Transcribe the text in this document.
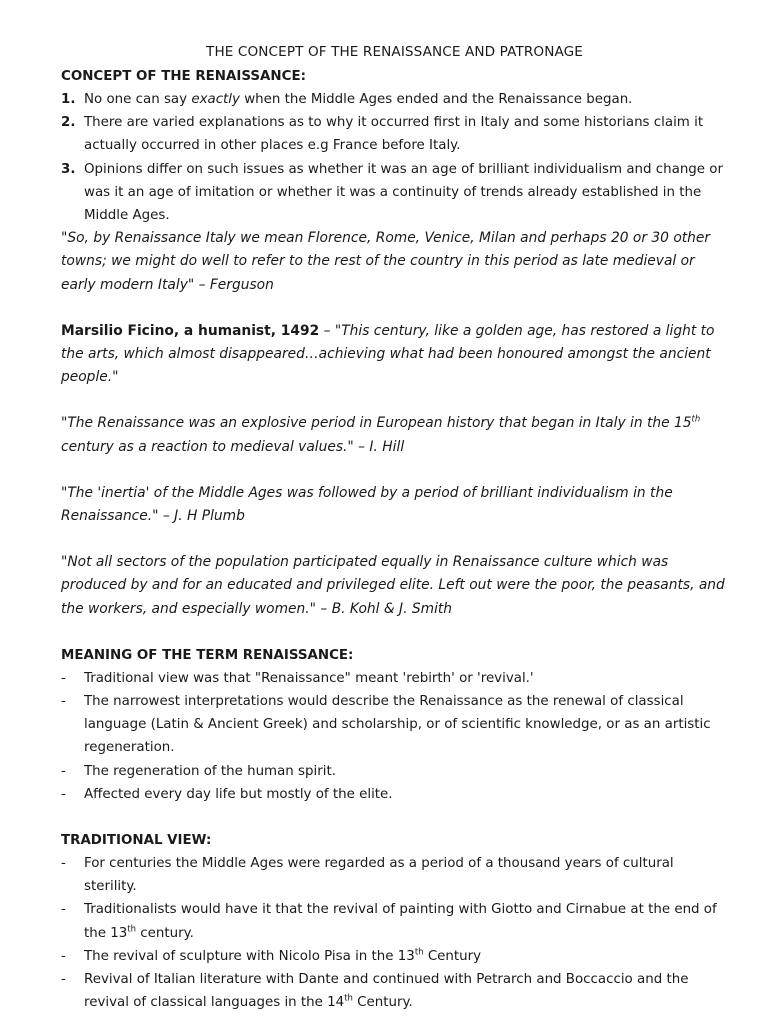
THE CONCEPT OF THE RENAISSANCE AND PATRONAGE
CONCEPT OF THE RENAISSANCE:
1. No one can say exactly when the Middle Ages ended and the Renaissance began.
2. There are varied explanations as to why it occurred first in Italy and some historians claim it actually occurred in other places e.g France before Italy.
3. Opinions differ on such issues as whether it was an age of brilliant individualism and change or was it an age of imitation or whether it was a continuity of trends already established in the Middle Ages.

"So, by Renaissance Italy we mean Florence, Rome, Venice, Milan and perhaps 20 or 30 other towns; we might do well to refer to the rest of the country in this period as late medieval or early modern Italy" – Ferguson

Marsilio Ficino, a humanist, 1492 – "This century, like a golden age, has restored a light to the arts, which almost disappeared…achieving what had been honoured amongst the ancient people."

"The Renaissance was an explosive period in European history that began in Italy in the 15th century as a reaction to medieval values." – I. Hill

"The 'inertia' of the Middle Ages was followed by a period of brilliant individualism in the Renaissance." – J. H Plumb

"Not all sectors of the population participated equally in Renaissance culture which was produced by and for an educated and privileged elite. Left out were the poor, the peasants, and the workers, and especially women." – B. Kohl & J. Smith

MEANING OF THE TERM RENAISSANCE:
- Traditional view was that "Renaissance" meant 'rebirth' or 'revival.'
- The narrowest interpretations would describe the Renaissance as the renewal of classical language (Latin & Ancient Greek) and scholarship, or of scientific knowledge, or as an artistic regeneration.
- The regeneration of the human spirit.
- Affected every day life but mostly of the elite.
TRADITIONAL VIEW:
- For centuries the Middle Ages were regarded as a period of a thousand years of cultural sterility.
- Traditionalists would have it that the revival of painting with Giotto and Cirnabue at the end of the 13th century.
- The revival of sculpture with Nicolo Pisa in the 13th Century
- Revival of Italian literature with Dante and continued with Petrarch and Boccaccio and the revival of classical languages in the 14th Century.
